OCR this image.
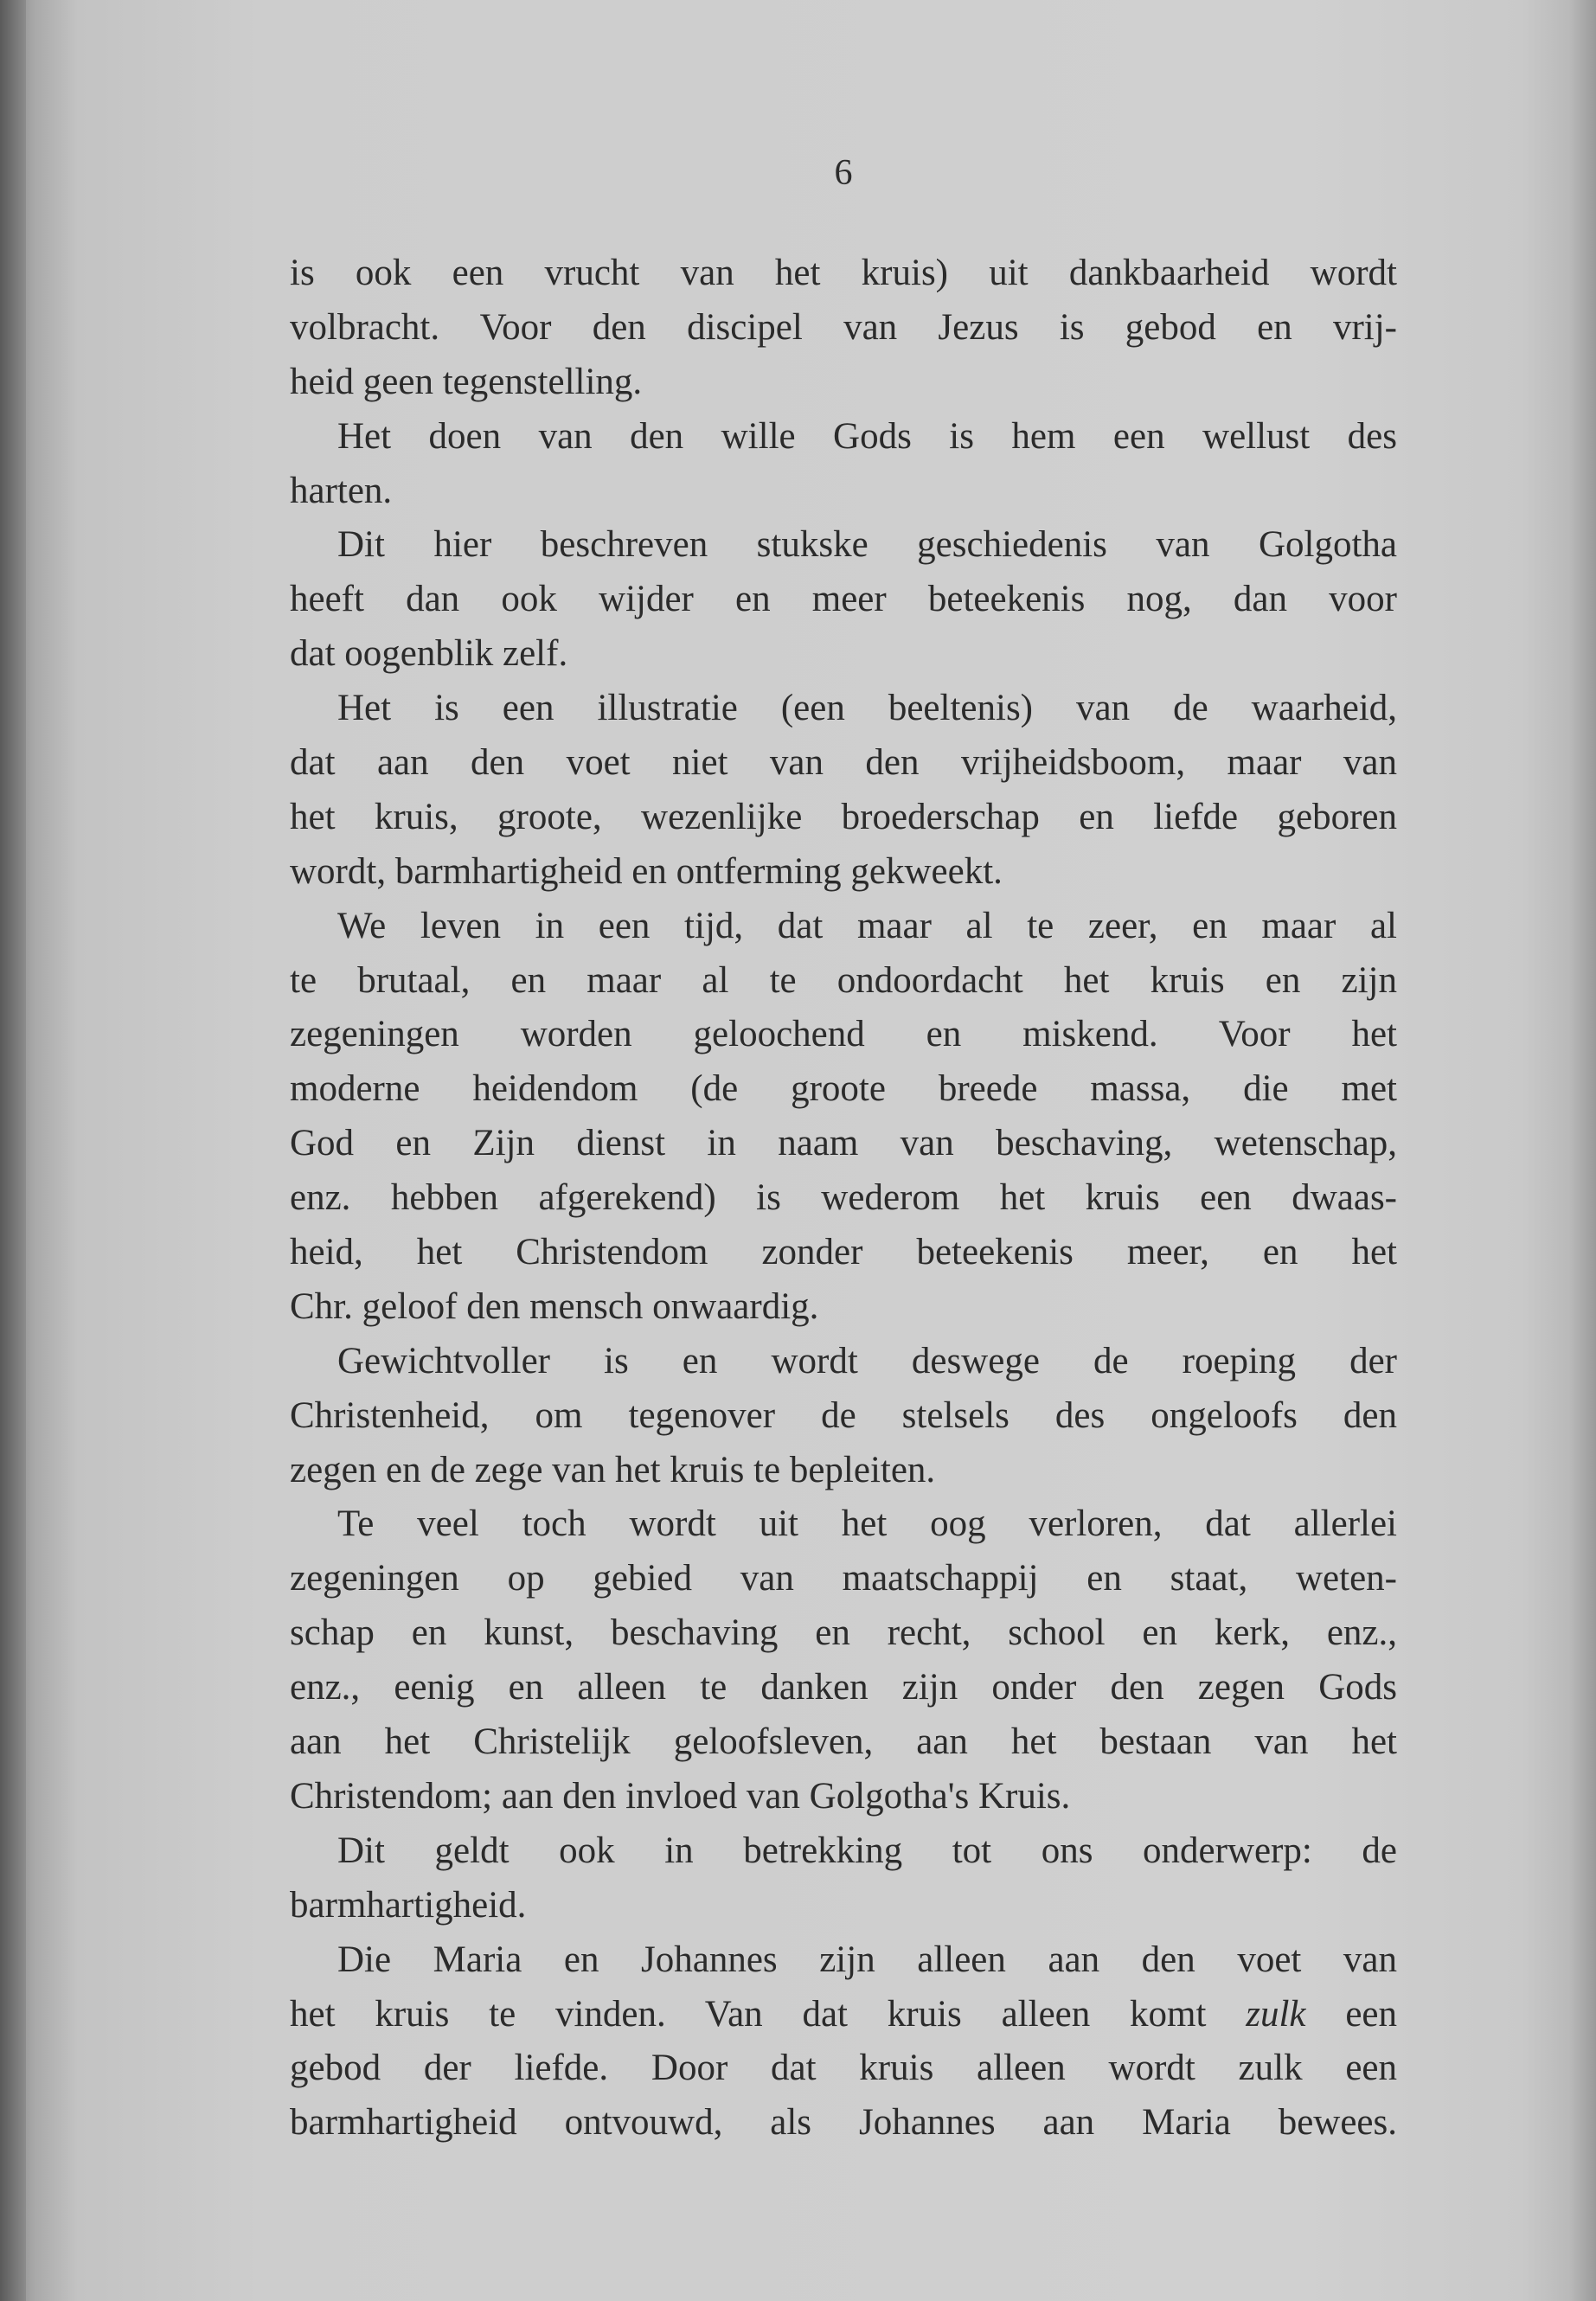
6
is ook een vrucht van het kruis) uit dankbaarheid wordt
volbracht. Voor den discipel van Jezus is gebod en vrij-
heid geen tegenstelling.
Het doen van den wille Gods is hem een wellust des
harten.
Dit hier beschreven stukske geschiedenis van Golgotha
heeft dan ook wijder en meer beteekenis nog, dan voor
dat oogenblik zelf.
Het is een illustratie (een beeltenis) van de waarheid,
dat aan den voet niet van den vrijheidsboom, maar van
het kruis, groote, wezenlijke broederschap en liefde geboren
wordt, barmhartigheid en ontferming gekweekt.
We leven in een tijd, dat maar al te zeer, en maar al
te brutaal, en maar al te ondoordacht het kruis en zijn
zegeningen worden geloochend en miskend. Voor het
moderne heidendom (de groote breede massa, die met
God en Zijn dienst in naam van beschaving, wetenschap,
enz. hebben afgerekend) is wederom het kruis een dwaas-
heid, het Christendom zonder beteekenis meer, en het
Chr. geloof den mensch onwaardig.
Gewichtvoller is en wordt deswege de roeping der
Christenheid, om tegenover de stelsels des ongeloofs den
zegen en de zege van het kruis te bepleiten.
Te veel toch wordt uit het oog verloren, dat allerlei
zegeningen op gebied van maatschappij en staat, weten-
schap en kunst, beschaving en recht, school en kerk, enz.,
enz., eenig en alleen te danken zijn onder den zegen Gods
aan het Christelijk geloofsleven, aan het bestaan van het
Christendom; aan den invloed van Golgotha's Kruis.
Dit geldt ook in betrekking tot ons onderwerp: de
barmhartigheid.
Die Maria en Johannes zijn alleen aan den voet van
het kruis te vinden. Van dat kruis alleen komt zulk een
gebod der liefde. Door dat kruis alleen wordt zulk een
barmhartigheid ontvouwd, als Johannes aan Maria bewees.
